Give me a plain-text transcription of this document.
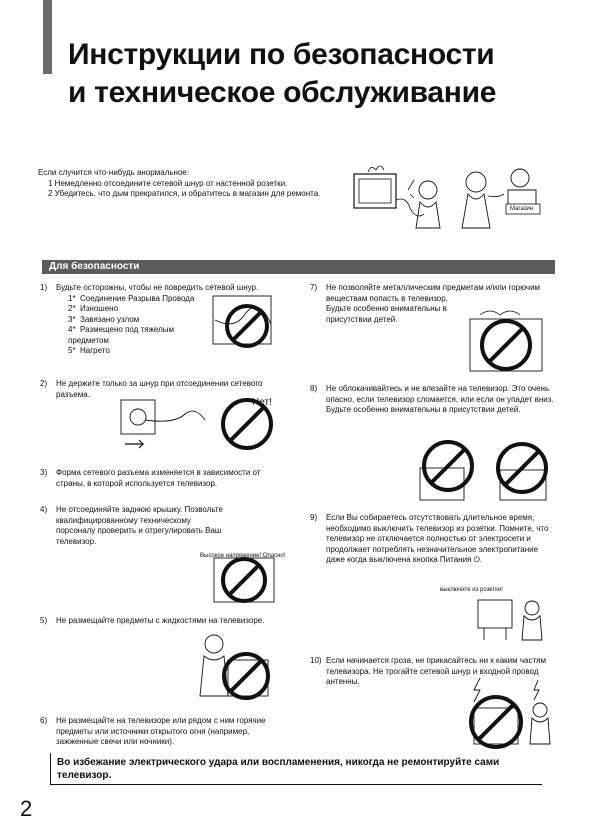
Инструкции по безопасности
и техническое обслуживание
Если случится что-нибудь анормальное:
1 Немедленно отсоедините сетевой шнур от настенной розетки.
2 Убедитесь, что дым прекратился, и обратитесь в магазин для ремонта.
Магазин
Для безопасности
1) Будьте осторожны, чтобы не повредить сетевой шнур.
1* Соединение Разрыва Провода
2* Изношено
3* Завязано узлом
4* Размещено под тяжелым предметом
5* Нагрето
2) Не держите только за шнур при отсоединении сетевого разъема.
Нет!
3) Форма сетевого разъема изменяется в зависимости от страны, в которой используется телевизор.
4) Не отсоединяйте заднюю крышку. Позвольте квалифицированному техническому порсоналу проверить и отрегулировать Ваш телевизор.
Высокое напряжение! Опасно!
5) Не размещайте предметы с жидкостями на телевизоре.
6) Не размещайте на телевизоре или рядом с ним горячие предметы или источники открытого огня (например, зажженные свечи или ночники).
7) Не позволяйте металлическим предметам и/или горючим веществам попасть в телевизор.
Будьте особенно внимательны в присутствии детей.
8) Не облокачивайтесь и не влезайте на телевизор. Это очень опасно, если телевизор сломается, или если он упадет вниз.
Будьте особенно внимательны в присутствии детей.
9) Если Вы собираетесь отсутствовать длительное время, необходимо выключить телевизор из розетки. Помните, что телевизор не отключается полностью от электросети и продолжает потреблять незначительное электропитание даже когда выключена кнопка Питания ⏻.
выключите из розетки!
10) Если начинается гроза, не прикасайтесь ни к каким частям телевизора. Не трогайте сетевой шнур и входной провод антенны.
Во избежание электрического удара или воспламенения, никогда не ремонтируйте сами телевизор.
2
